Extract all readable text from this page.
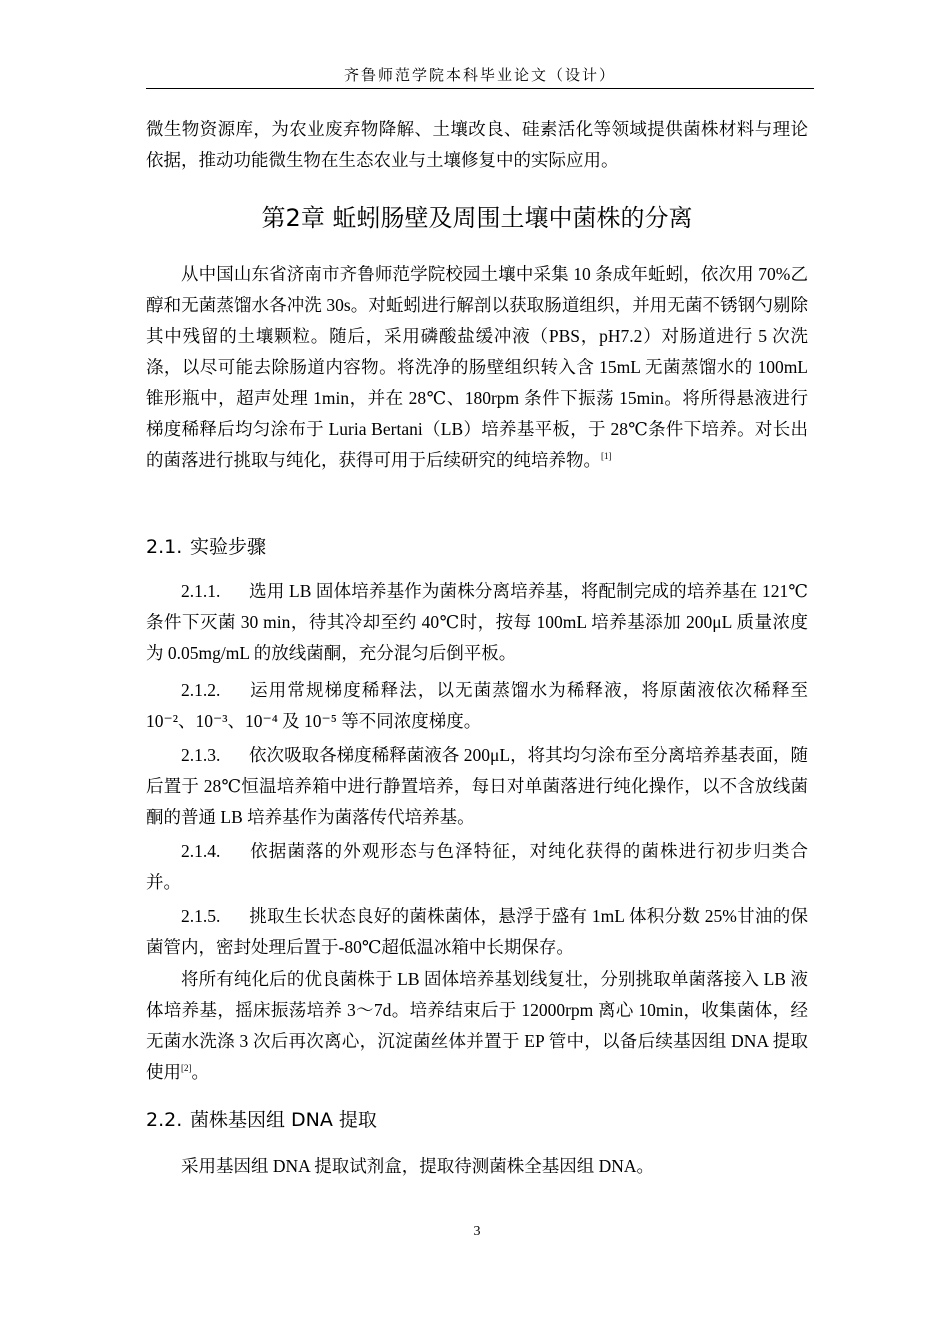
齐鲁师范学院本科毕业论文（设计）
微生物资源库，为农业废弃物降解、土壤改良、硅素活化等领域提供菌株材料与理论依据，推动功能微生物在生态农业与土壤修复中的实际应用。
第2章 蚯蚓肠壁及周围土壤中菌株的分离
从中国山东省济南市齐鲁师范学院校园土壤中采集 10 条成年蚯蚓，依次用 70%乙醇和无菌蒸馏水各冲洗 30s。对蚯蚓进行解剖以获取肠道组织，并用无菌不锈钢勺剔除其中残留的土壤颗粒。随后，采用磷酸盐缓冲液（PBS，pH7.2）对肠道进行 5 次洗涤，以尽可能去除肠道内容物。将洗净的肠壁组织转入含 15mL 无菌蒸馏水的 100mL 锥形瓶中，超声处理 1min，并在 28℃、180rpm 条件下振荡 15min。将所得悬液进行梯度稀释后均匀涂布于 Luria Bertani（LB）培养基平板，于 28℃条件下培养。对长出的菌落进行挑取与纯化，获得可用于后续研究的纯培养物。[1]
2.1. 实验步骤
2.1.1. 选用 LB 固体培养基作为菌株分离培养基，将配制完成的培养基在 121℃条件下灭菌 30 min，待其冷却至约 40℃时，按每 100mL 培养基添加 200μL 质量浓度为 0.05mg/mL 的放线菌酮，充分混匀后倒平板。
2.1.2. 运用常规梯度稀释法，以无菌蒸馏水为稀释液，将原菌液依次稀释至 10⁻²、10⁻³、10⁻⁴ 及 10⁻⁵ 等不同浓度梯度。
2.1.3. 依次吸取各梯度稀释菌液各 200μL，将其均匀涂布至分离培养基表面，随后置于 28℃恒温培养箱中进行静置培养，每日对单菌落进行纯化操作，以不含放线菌酮的普通 LB 培养基作为菌落传代培养基。
2.1.4. 依据菌落的外观形态与色泽特征，对纯化获得的菌株进行初步归类合并。
2.1.5. 挑取生长状态良好的菌株菌体，悬浮于盛有 1mL 体积分数 25%甘油的保菌管内，密封处理后置于-80℃超低温冰箱中长期保存。
将所有纯化后的优良菌株于 LB 固体培养基划线复壮，分别挑取单菌落接入 LB 液体培养基，摇床振荡培养 3～7d。培养结束后于 12000rpm 离心 10min，收集菌体，经无菌水洗涤 3 次后再次离心，沉淀菌丝体并置于 EP 管中，以备后续基因组 DNA 提取使用[2]。
2.2. 菌株基因组 DNA 提取
采用基因组 DNA 提取试剂盒，提取待测菌株全基因组 DNA。
3
